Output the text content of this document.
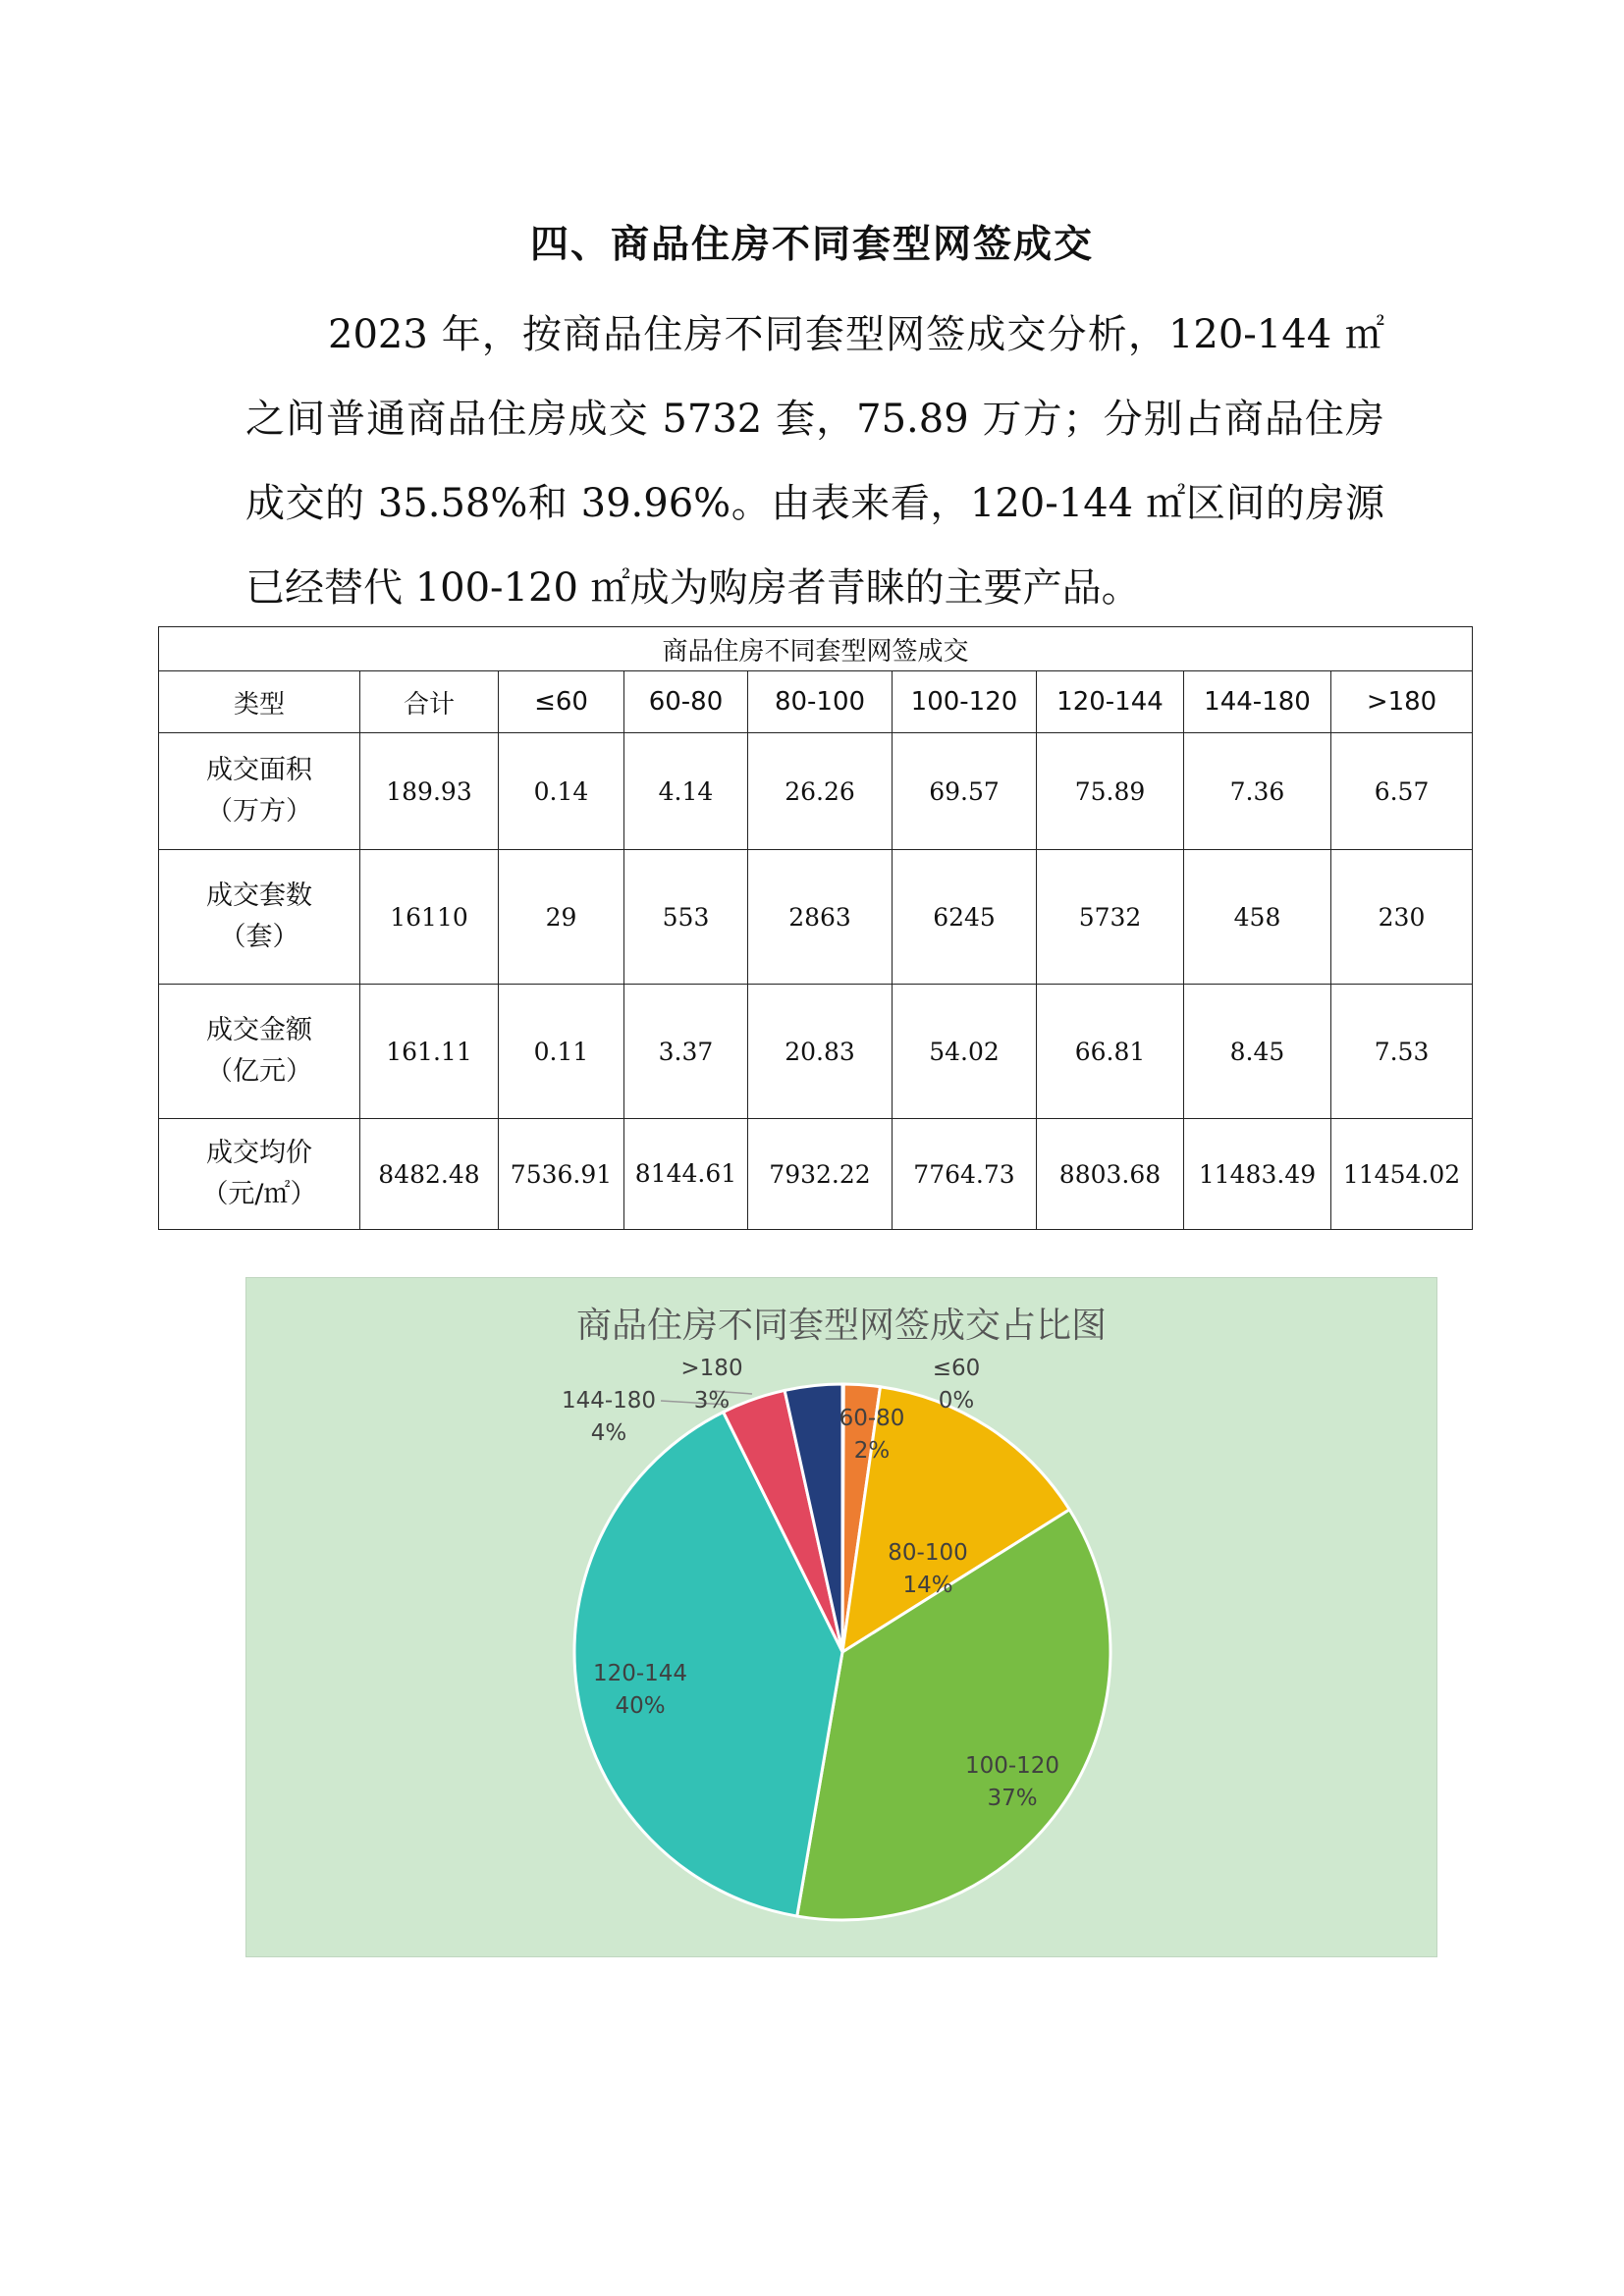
四、商品住房不同套型网签成交

2023 年，按商品住房不同套型网签成交分析，120-144 ㎡之间普通商品住房成交 5732 套，75.89 万方；分别占商品住房成交的 35.58%和 39.96%。由表来看，120-144 ㎡区间的房源已经替代 100-120 ㎡成为购房者青睐的主要产品。

商品住房不同套型网签成交								
类型	合计	≤60	60-80	80-100	100-120	120-144	144-180	>180
成交面积
（万方）	189.93	0.14	4.14	26.26	69.57	75.89	7.36	6.57
成交套数
（套）	16110	29	553	2863	6245	5732	458	230
成交金额
（亿元）	161.11	0.11	3.37	20.83	54.02	66.81	8.45	7.53
成交均价
（元/㎡）	8482.48	7536.91	8144.61	7932.22	7764.73	8803.68	11483.49	11454.02
商品住房不同套型网签成交占比图
≤60
0%
60-80
2%
80-100
14%
100-120
37%
120-144
40%
144-180
4%
>180
3%
